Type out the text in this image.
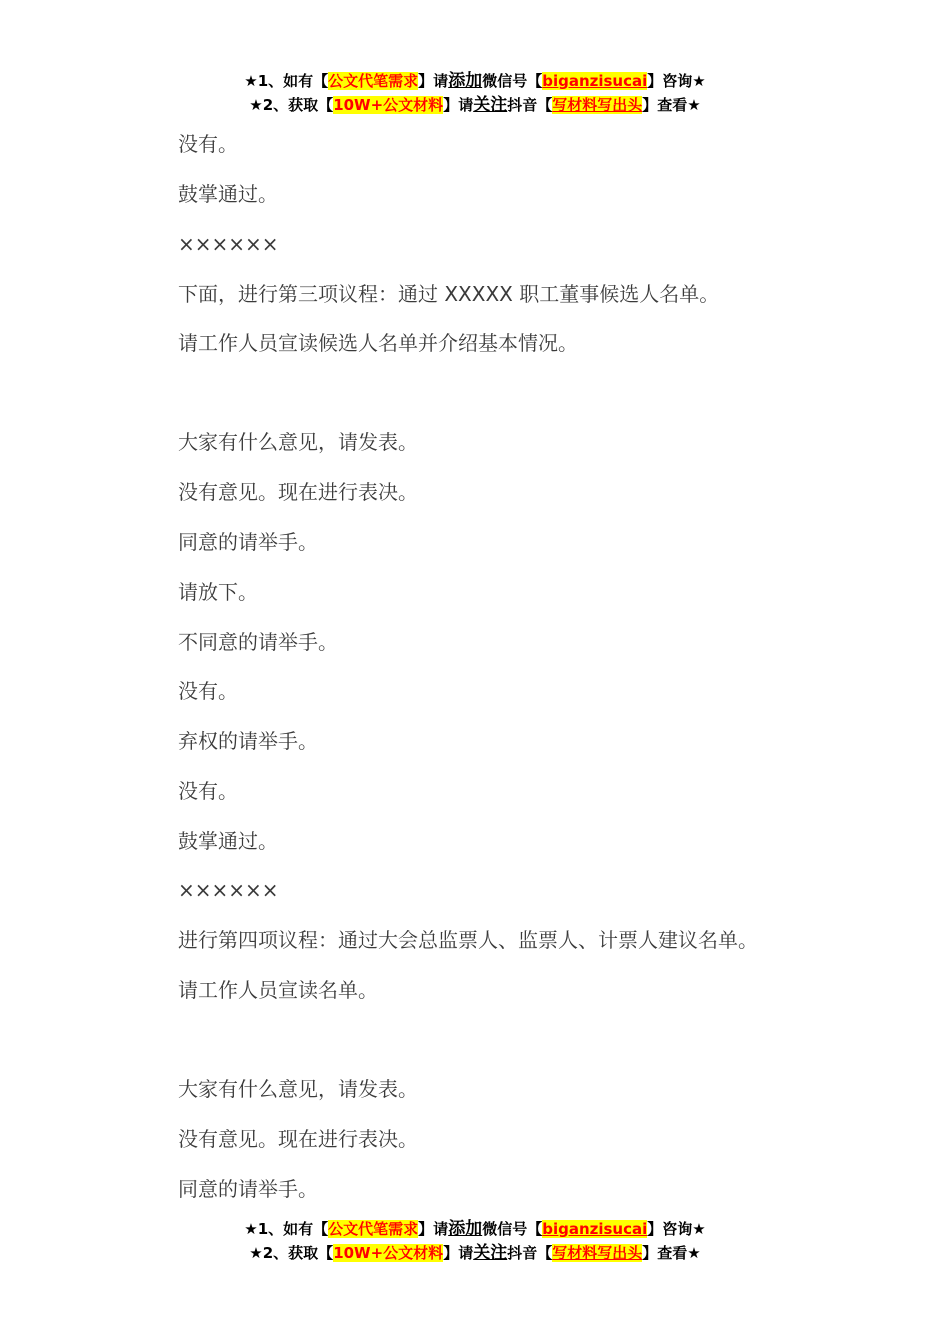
★1、如有【公文代笔需求】请添加微信号【biganzisucai】咨询★
★2、获取【10W+公文材料】请关注抖音【写材料写出头】查看★

没有。

鼓掌通过。

××××××

下面，进行第三项议程：通过 XXXXX 职工董事候选人名单。

请工作人员宣读候选人名单并介绍基本情况。

大家有什么意见，请发表。

没有意见。现在进行表决。

同意的请举手。

请放下。

不同意的请举手。

没有。

弃权的请举手。

没有。

鼓掌通过。

××××××

进行第四项议程：通过大会总监票人、监票人、计票人建议名单。

请工作人员宣读名单。

大家有什么意见，请发表。

没有意见。现在进行表决。

同意的请举手。

★1、如有【公文代笔需求】请添加微信号【biganzisucai】咨询★
★2、获取【10W+公文材料】请关注抖音【写材料写出头】查看★
